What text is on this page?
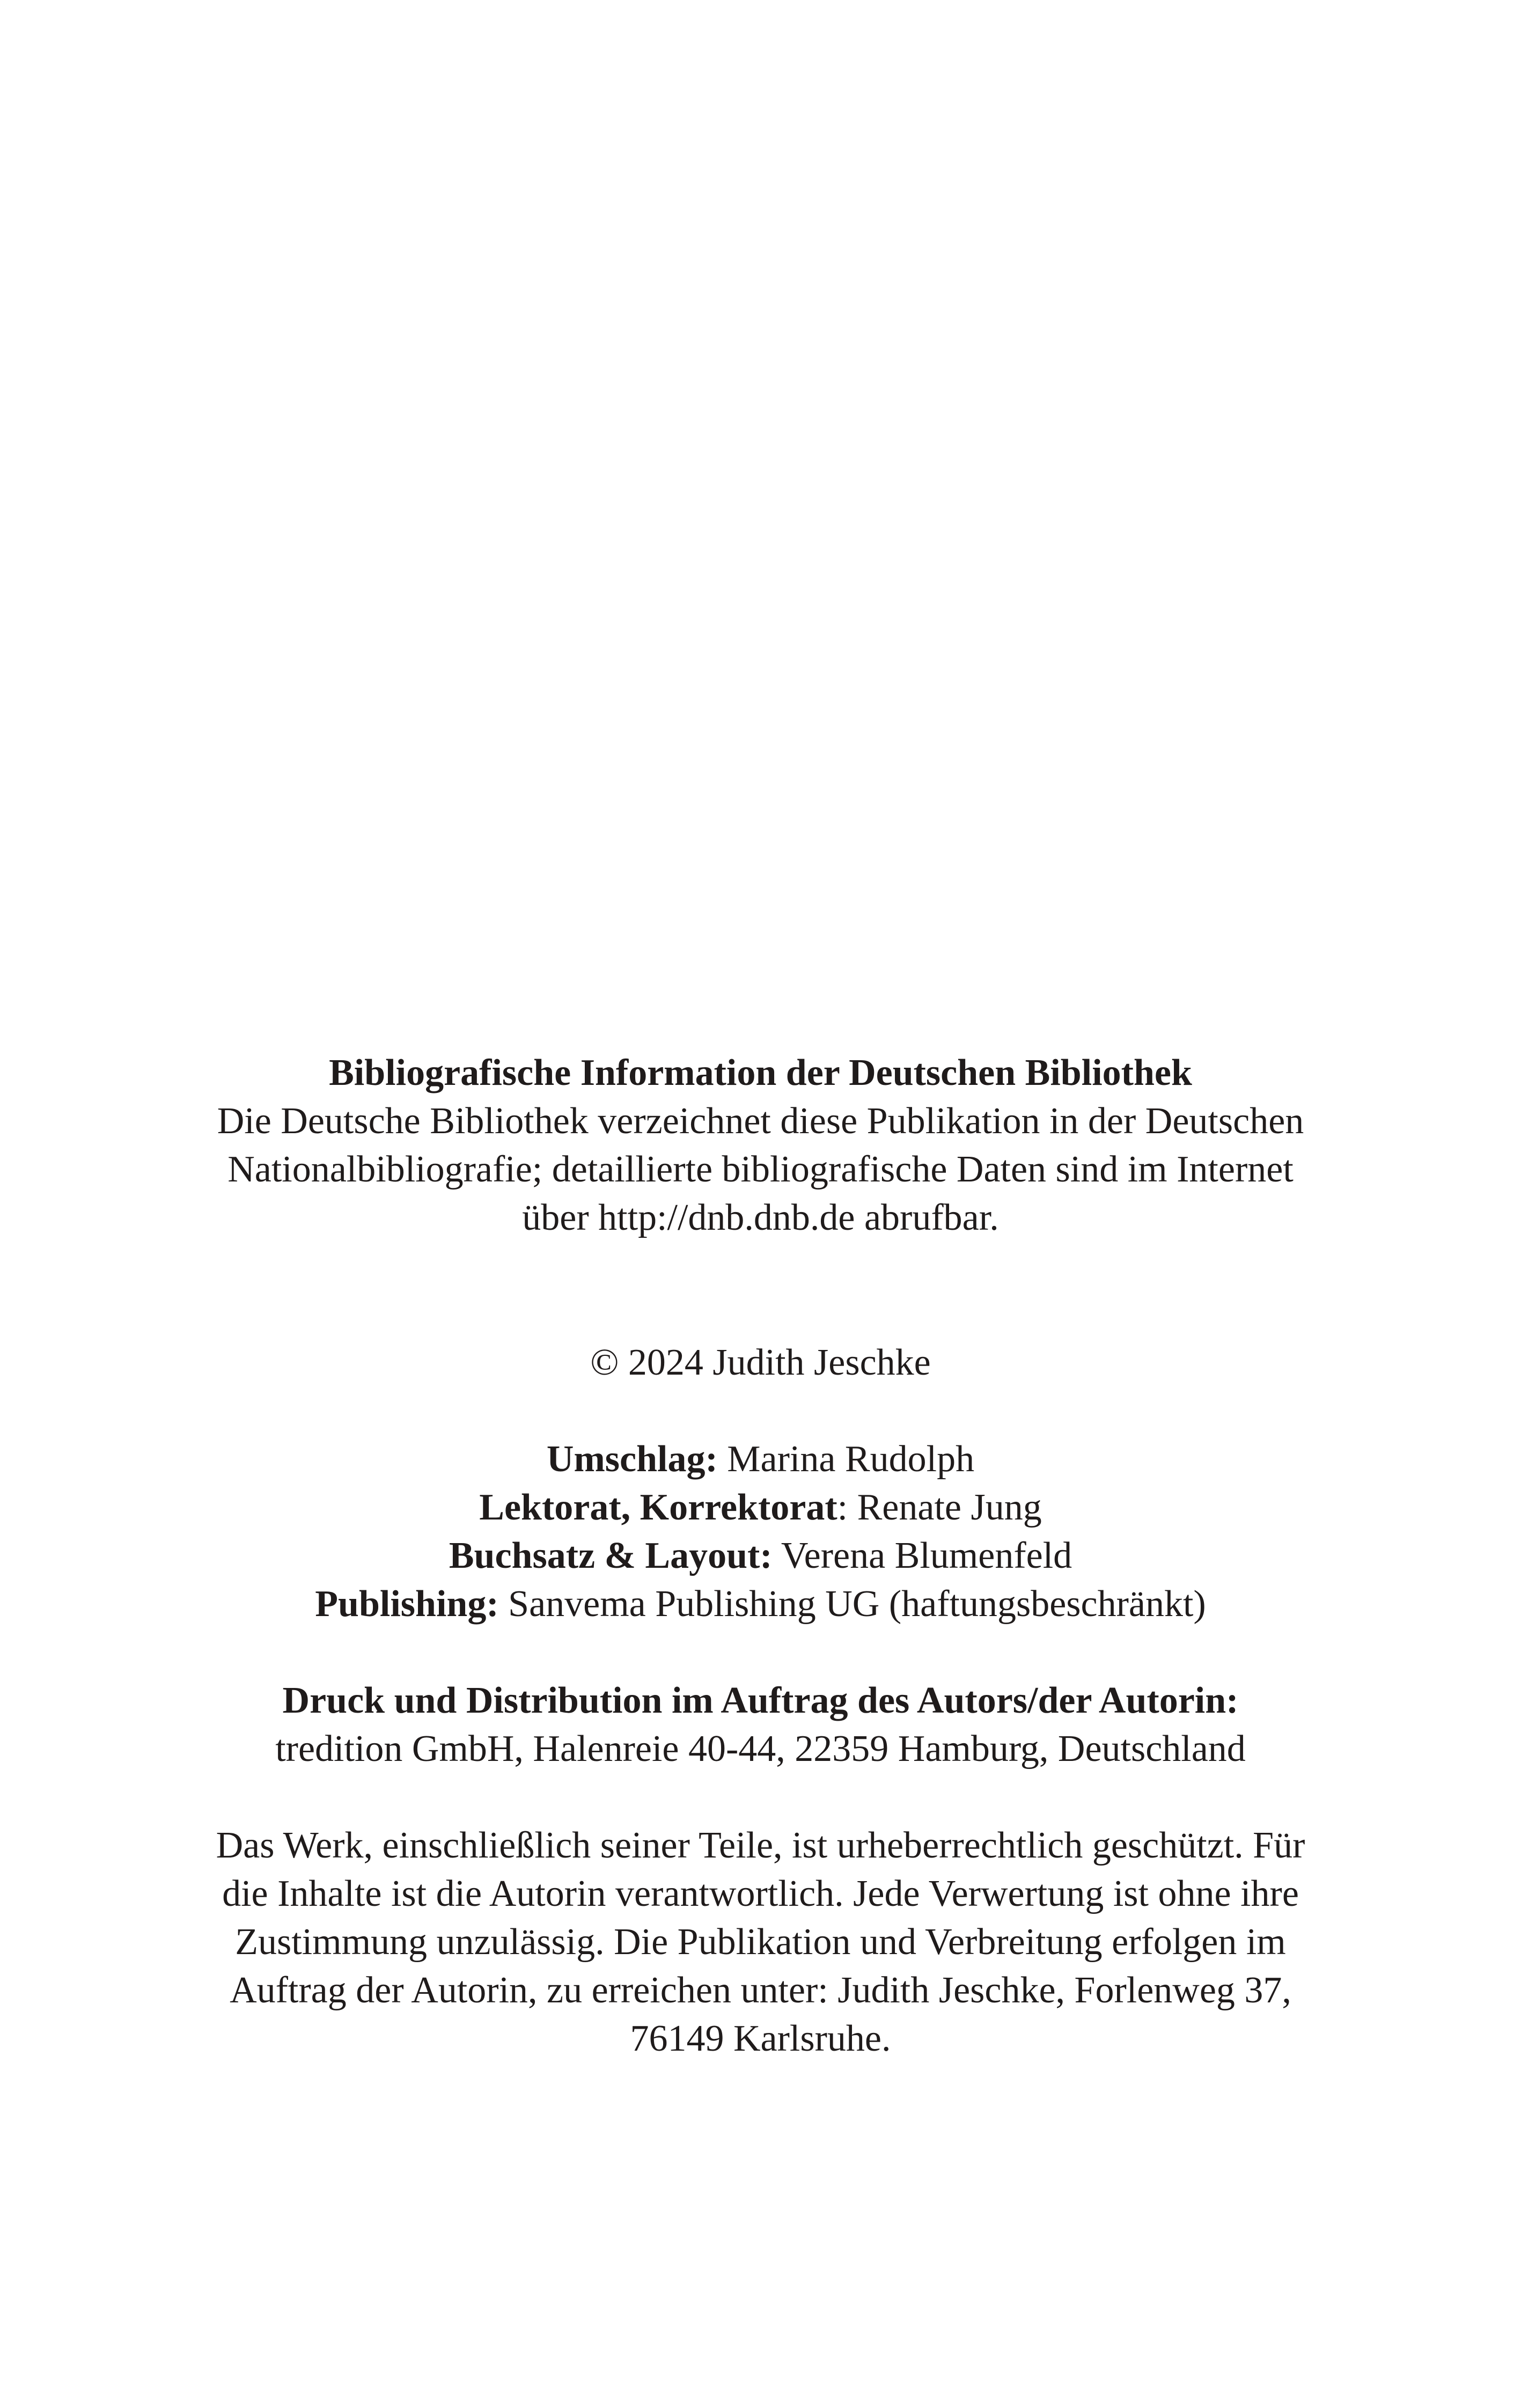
Bibliografische Information der Deutschen Bibliothek
Die Deutsche Bibliothek verzeichnet diese Publikation in der Deutschen
Nationalbibliografie; detaillierte bibliografische Daten sind im Internet
über http://dnb.dnb.de abrufbar.
© 2024 Judith Jeschke
Umschlag: Marina Rudolph
Lektorat, Korrektorat: Renate Jung
Buchsatz & Layout: Verena Blumenfeld
Publishing: Sanvema Publishing UG (haftungsbeschränkt)
Druck und Distribution im Auftrag des Autors/der Autorin:
tredition GmbH, Halenreie 40-44, 22359 Hamburg, Deutschland
Das Werk, einschließlich seiner Teile, ist urheberrechtlich geschützt. Für
die Inhalte ist die Autorin verantwortlich. Jede Verwertung ist ohne ihre
Zustimmung unzulässig. Die Publikation und Verbreitung erfolgen im
Auftrag der Autorin, zu erreichen unter: Judith Jeschke, Forlenweg 37,
76149 Karlsruhe.
